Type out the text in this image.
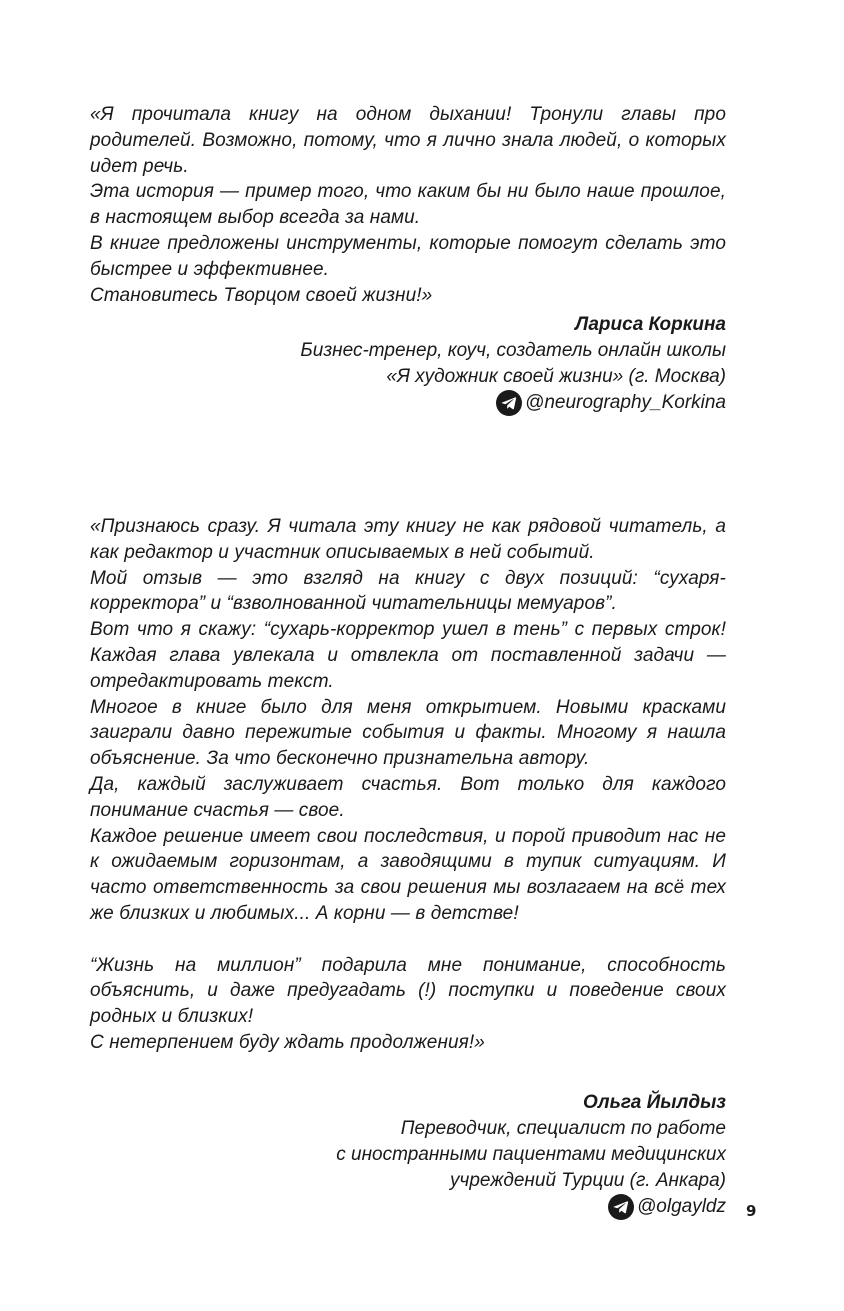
«Я прочитала книгу на одном дыхании! Тронули главы про родителей. Возможно, потому, что я лично знала людей, о которых идет речь.

Эта история — пример того, что каким бы ни было наше прошлое, в настоящем выбор всегда за нами.

В книге предложены инструменты, которые помогут сделать это быстрее и эффективнее.

Становитесь Творцом своей жизни!»

Лариса Коркина
Бизнес-тренер, коуч, создатель онлайн школы
«Я художник своей жизни» (г. Москва)
@neurography_Korkina

«Признаюсь сразу. Я читала эту книгу не как рядовой читатель, а как редактор и участник описываемых в ней событий.

Мой отзыв — это взгляд на книгу с двух позиций: “сухаря-корректора” и “взволнованной читательницы мемуаров”.

Вот что я скажу: “сухарь-корректор ушел в тень” с первых строк! Каждая глава увлекала и отвлекла от поставленной задачи — отредактировать текст.

Многое в книге было для меня открытием. Новыми красками заиграли давно пережитые события и факты. Многому я нашла объяснение. За что бесконечно признательна автору.

Да, каждый заслуживает счастья. Вот только для каждого понимание счастья — свое.

Каждое решение имеет свои последствия, и порой приводит нас не к ожидаемым горизонтам, а заводящими в тупик ситуациям. И часто ответственность за свои решения мы возлагаем на всё тех же близких и любимых... А корни — в детстве!

“Жизнь на миллион” подарила мне понимание, способность объяснить, и даже предугадать (!) поступки и поведение своих родных и близких!

С нетерпением буду ждать продолжения!»

Ольга Йылдыз
Переводчик, специалист по работе
с иностранными пациентами медицинских
учреждений Турции (г. Анкара)
@olgayldz 9
